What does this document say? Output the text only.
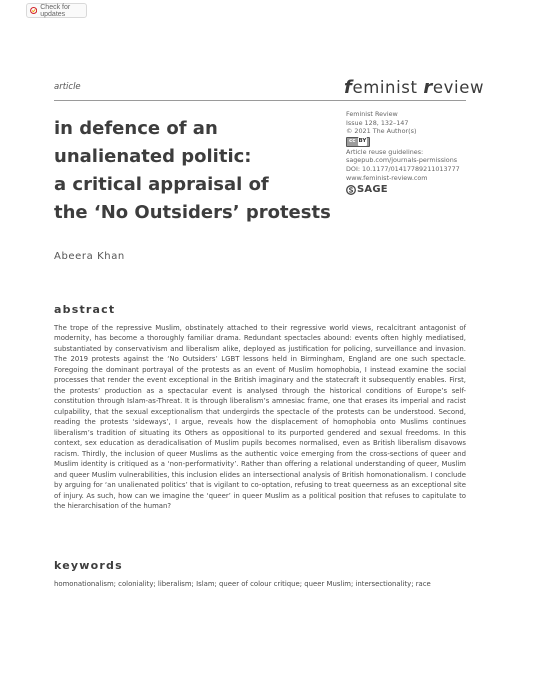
Check for updates
article	feminist review
Feminist Review
Issue 128, 132–147
© 2021 The Author(s)
cc BY
Article reuse guidelines:
sagepub.com/journals-permissions
DOI: 10.1177/01417789211013777
www.feminist-review.com
SAGE
in defence of an
unalienated politic:
a critical appraisal of
the ‘No Outsiders’ protests
Abeera Khan
abstract
The trope of the repressive Muslim, obstinately attached to their regressive world views, recalcitrant antagonist of modernity, has become a thoroughly familiar drama. Redundant spectacles abound: events often highly mediatised, substantiated by conservativism and liberalism alike, deployed as justification for policing, surveillance and invasion. The 2019 protests against the ‘No Outsiders’ LGBT lessons held in Birmingham, England are one such spectacle. Foregoing the dominant portrayal of the protests as an event of Muslim homophobia, I instead examine the social processes that render the event exceptional in the British imaginary and the statecraft it subsequently enables. First, the protests’ production as a spectacular event is analysed through the historical conditions of Europe’s self-constitution through Islam-as-Threat. It is through liberalism’s amnesiac frame, one that erases its imperial and racist culpability, that the sexual exceptionalism that undergirds the spectacle of the protests can be understood. Second, reading the protests ‘sideways’, I argue, reveals how the displacement of homophobia onto Muslims continues liberalism’s tradition of situating its Others as oppositional to its purported gendered and sexual freedoms. In this context, sex education as deradicalisation of Muslim pupils becomes normalised, even as British liberalism disavows racism. Thirdly, the inclusion of queer Muslims as the authentic voice emerging from the cross-sections of queer and Muslim identity is critiqued as a ‘non-performativity’. Rather than offering a relational understanding of queer, Muslim and queer Muslim vulnerabilities, this inclusion elides an intersectional analysis of British homonationalism. I conclude by arguing for ‘an unalienated politics’ that is vigilant to co-optation, refusing to treat queerness as an exceptional site of injury. As such, how can we imagine the ‘queer’ in queer Muslim as a political position that refuses to capitulate to the hierarchisation of the human?
keywords
homonationalism; coloniality; liberalism; Islam; queer of colour critique; queer Muslim; intersectionality; race
